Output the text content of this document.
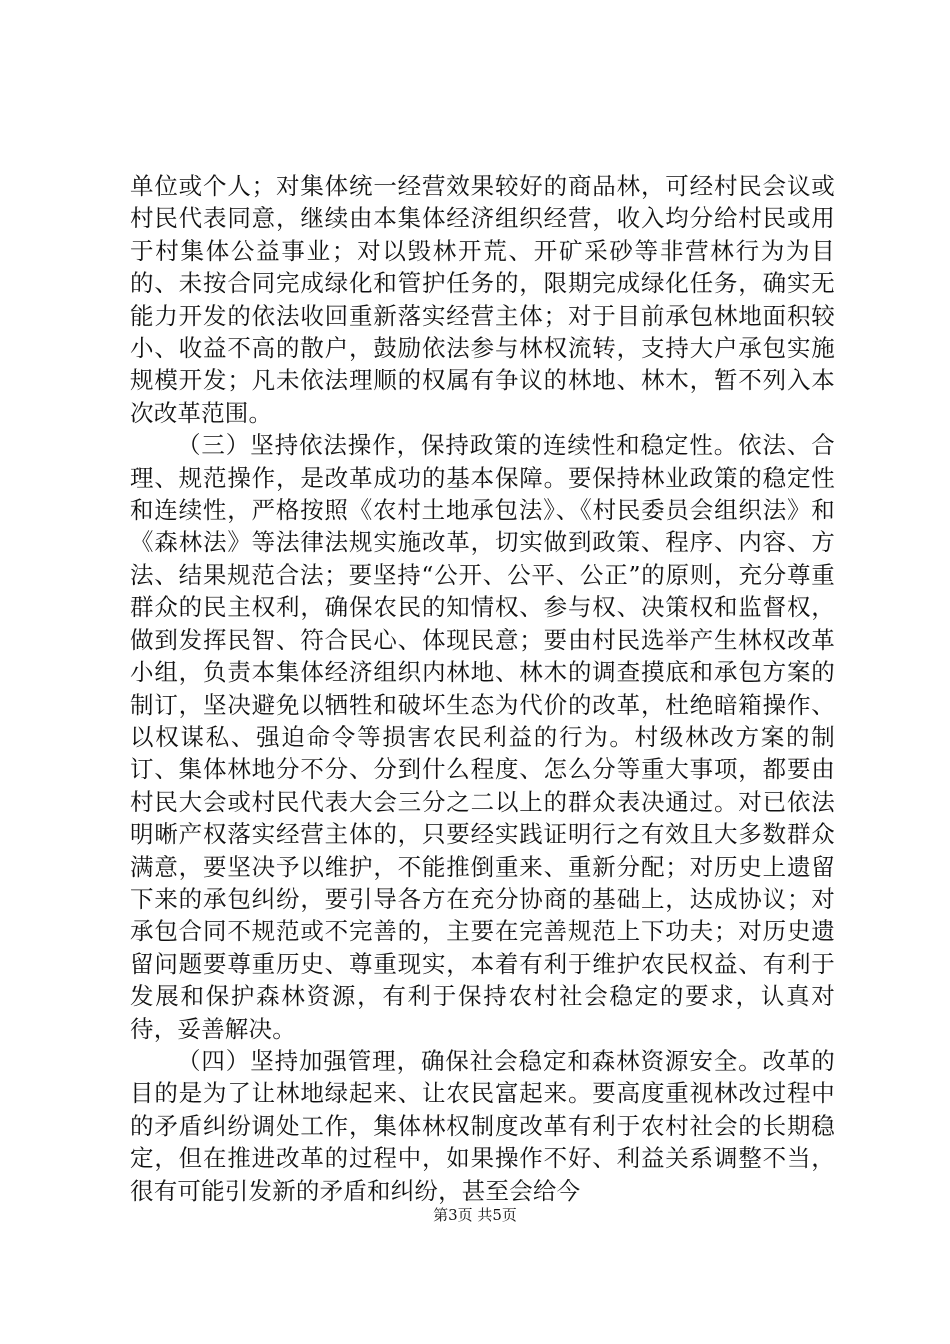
单位或个人；对集体统一经营效果较好的商品林，可经村民会议或村民代表同意，继续由本集体经济组织经营，收入均分给村民或用于村集体公益事业；对以毁林开荒、开矿采砂等非营林行为为目的、未按合同完成绿化和管护任务的，限期完成绿化任务，确实无能力开发的依法收回重新落实经营主体；对于目前承包林地面积较小、收益不高的散户，鼓励依法参与林权流转，支持大户承包实施规模开发；凡未依法理顺的权属有争议的林地、林木，暂不列入本次改革范围。

（三）坚持依法操作，保持政策的连续性和稳定性。依法、合理、规范操作，是改革成功的基本保障。要保持林业政策的稳定性和连续性，严格按照《农村土地承包法》、《村民委员会组织法》和《森林法》等法律法规实施改革，切实做到政策、程序、内容、方法、结果规范合法；要坚持“公开、公平、公正”的原则，充分尊重群众的民主权利，确保农民的知情权、参与权、决策权和监督权，做到发挥民智、符合民心、体现民意；要由村民选举产生林权改革小组，负责本集体经济组织内林地、林木的调查摸底和承包方案的制订，坚决避免以牺牲和破坏生态为代价的改革，杜绝暗箱操作、以权谋私、强迫命令等损害农民利益的行为。村级林改方案的制订、集体林地分不分、分到什么程度、怎么分等重大事项，都要由村民大会或村民代表大会三分之二以上的群众表决通过。对已依法明晰产权落实经营主体的，只要经实践证明行之有效且大多数群众满意，要坚决予以维护，不能推倒重来、重新分配；对历史上遗留下来的承包纠纷，要引导各方在充分协商的基础上，达成协议；对承包合同不规范或不完善的，主要在完善规范上下功夫；对历史遗留问题要尊重历史、尊重现实，本着有利于维护农民权益、有利于发展和保护森林资源，有利于保持农村社会稳定的要求，认真对待，妥善解决。

（四）坚持加强管理，确保社会稳定和森林资源安全。改革的目的是为了让林地绿起来、让农民富起来。要高度重视林改过程中的矛盾纠纷调处工作，集体林权制度改革有利于农村社会的长期稳定，但在推进改革的过程中，如果操作不好、利益关系调整不当，很有可能引发新的矛盾和纠纷，甚至会给今

第3页 共5页
